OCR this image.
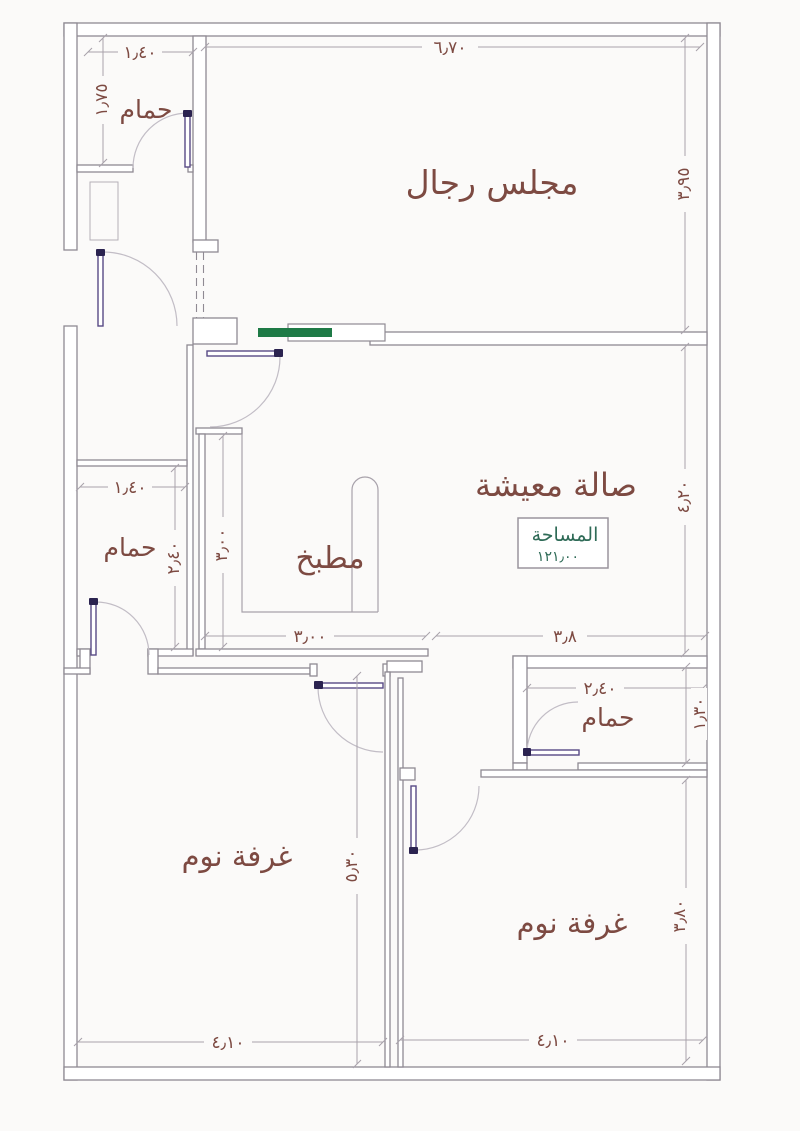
١٫٤٠
١٫٧٥
٦٫٧٠
٣٫٩٥
٤٫٢٠
٣٫٨
٣٫٠٠
٣٫٠٠
١٫٤٠
٢٫٤٠
٢٫٤٠
١٫٣٠
٤٫١٠
٥٫٣٠
٤٫١٠
٣٫٨٠
حمام
مجلس رجال
صالة معيشة
مطبخ
حمام
حمام
غرفة نوم
غرفة نوم
المساحة
١٢١٫٠٠
